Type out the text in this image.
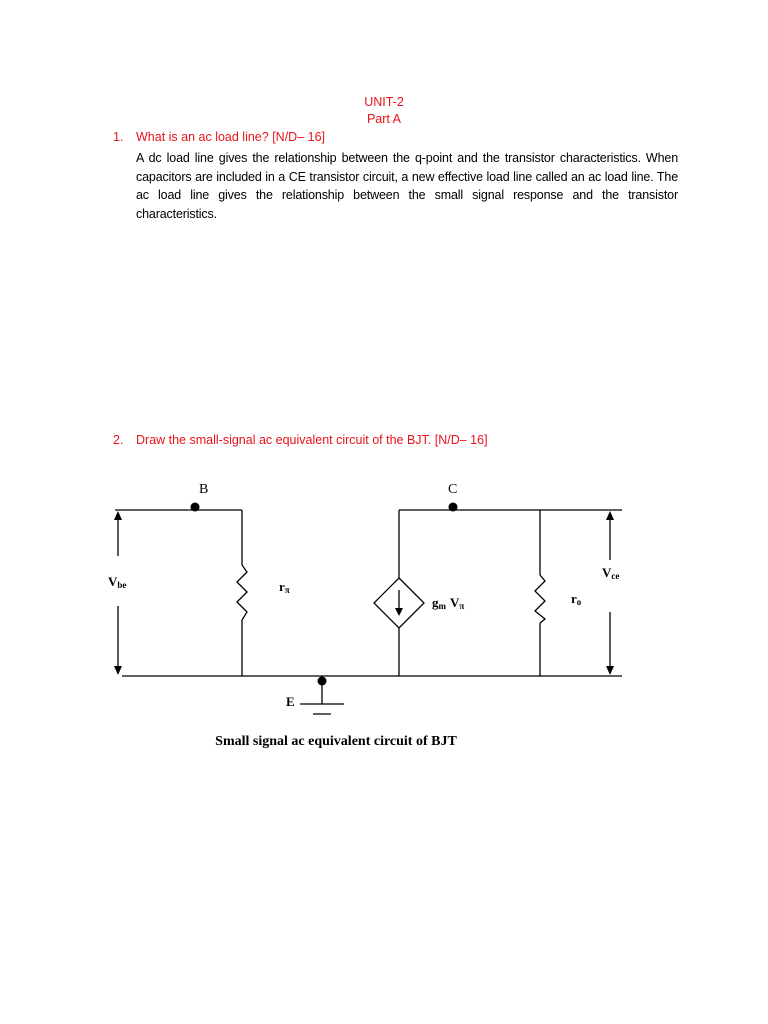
UNIT-2
Part A
1. What is an ac load line? [N/D– 16]
A dc load line gives the relationship between the q-point and the transistor characteristics. When capacitors are included in a CE transistor circuit, a new effective load line called an ac load line. The ac load line gives the relationship between the small signal response and the transistor characteristics.
2. Draw the small-signal ac equivalent circuit of the BJT. [N/D– 16]
B	C
E
Vbe	rπ
gm Vπ	ro
Vce
Small signal ac equivalent circuit of BJT
